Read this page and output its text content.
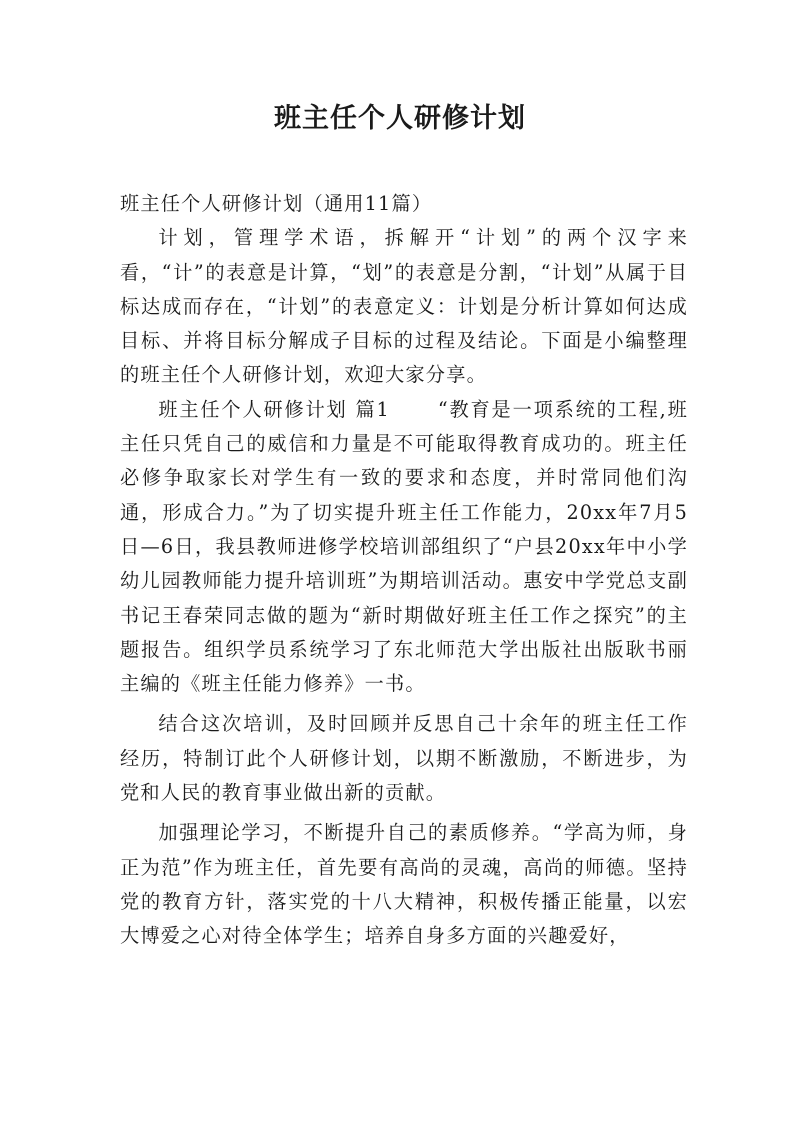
班主任个人研修计划

班主任个人研修计划（通用11篇）

计划，管理学术语，拆解开“计划”的两个汉字来看，“计”的表意是计算，“划”的表意是分割，“计划”从属于目标达成而存在，“计划”的表意定义：计划是分析计算如何达成目标、并将目标分解成子目标的过程及结论。下面是小编整理的班主任个人研修计划，欢迎大家分享。

班主任个人研修计划 篇1	“教育是一项系统的工程,班主任只凭自己的威信和力量是不可能取得教育成功的。班主任必修争取家长对学生有一致的要求和态度，并时常同他们沟通，形成合力。”为了切实提升班主任工作能力，20xx年7月5日—6日，我县教师进修学校培训部组织了“户县20xx年中小学幼儿园教师能力提升培训班”为期培训活动。惠安中学党总支副书记王春荣同志做的题为“新时期做好班主任工作之探究”的主题报告。组织学员系统学习了东北师范大学出版社出版耿书丽主编的《班主任能力修养》一书。

结合这次培训，及时回顾并反思自己十余年的班主任工作经历，特制订此个人研修计划，以期不断激励，不断进步，为党和人民的教育事业做出新的贡献。

加强理论学习，不断提升自己的素质修养。“学高为师，身正为范”作为班主任，首先要有高尚的灵魂，高尚的师德。坚持党的教育方针，落实党的十八大精神，积极传播正能量，以宏大博爱之心对待全体学生；培养自身多方面的兴趣爱好，
